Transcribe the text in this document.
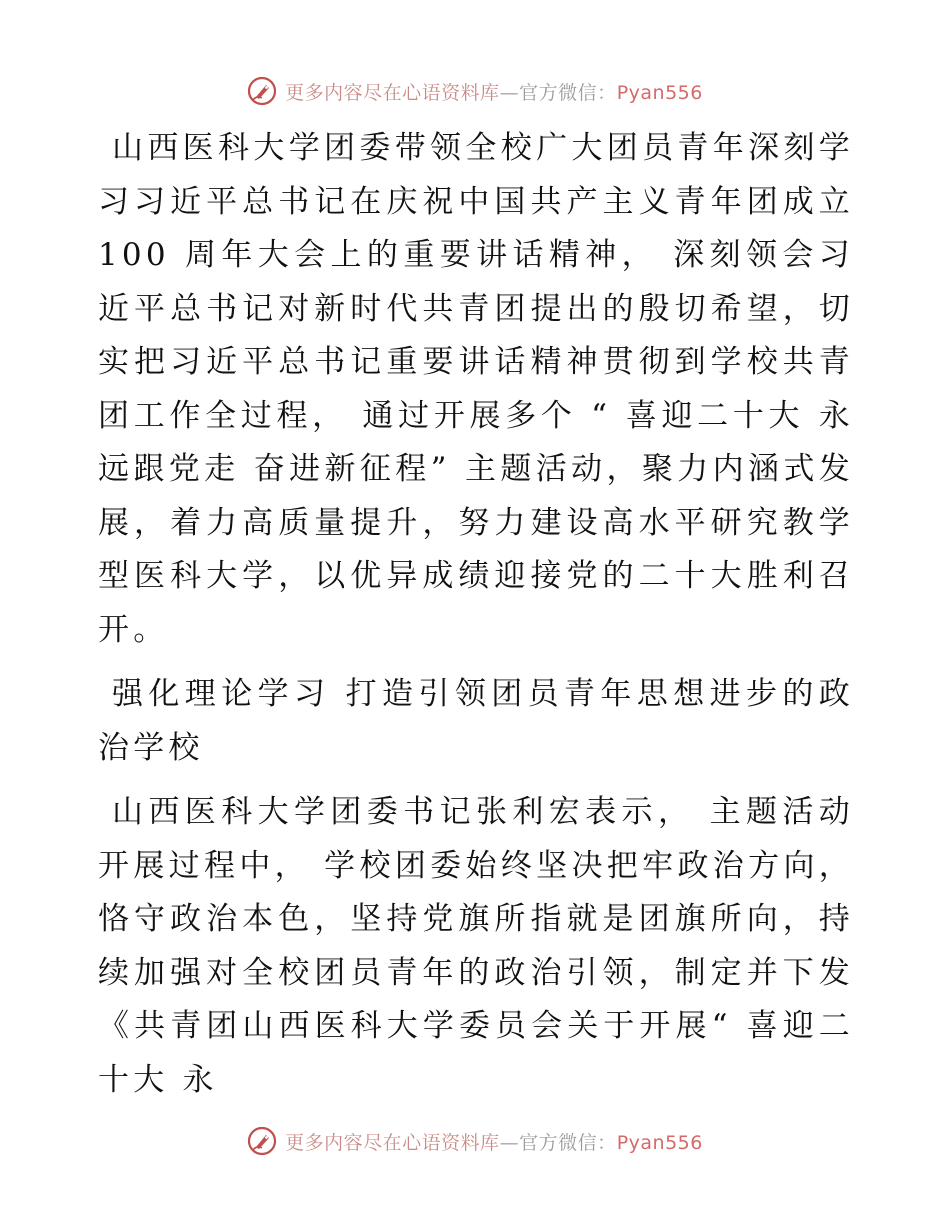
更多内容尽在心语资料库—官方微信：Pyan556

山西医科大学团委带领全校广大团员青年深刻学习习近平总书记在庆祝中国共产主义青年团成立100 周年大会上的重要讲话精神， 深刻领会习近平总书记对新时代共青团提出的殷切希望，切实把习近平总书记重要讲话精神贯彻到学校共青团工作全过程， 通过开展多个 “ 喜迎二十大 永远跟党走 奋进新征程” 主题活动，聚力内涵式发展，着力高质量提升，努力建设高水平研究教学型医科大学，以优异成绩迎接党的二十大胜利召开。

强化理论学习 打造引领团员青年思想进步的政治学校

山西医科大学团委书记张利宏表示， 主题活动开展过程中， 学校团委始终坚决把牢政治方向，恪守政治本色，坚持党旗所指就是团旗所向，持续加强对全校团员青年的政治引领，制定并下发《共青团山西医科大学委员会关于开展“ 喜迎二十大 永

更多内容尽在心语资料库—官方微信：Pyan556
